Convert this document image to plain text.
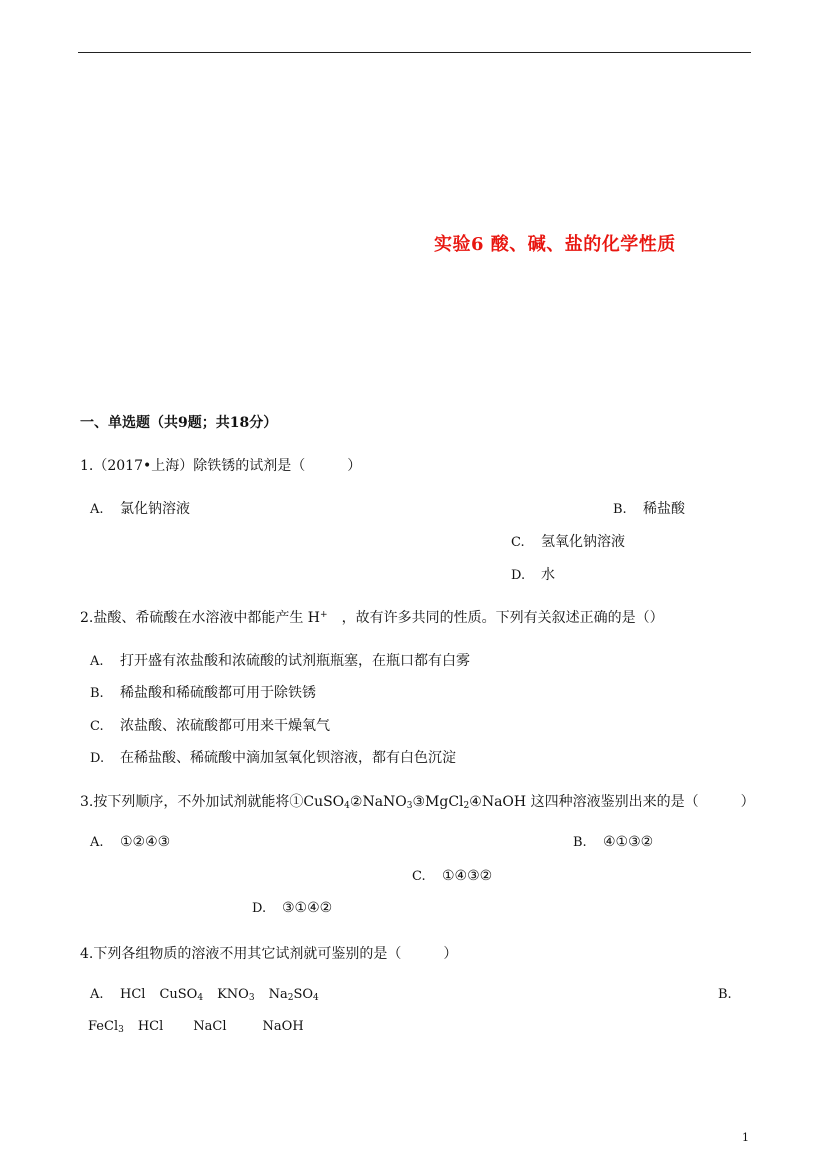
实验6 酸、碱、盐的化学性质
一、单选题（共9题；共18分）
1.（2017•上海）除铁锈的试剂是（　　　）
A. 氯化钠溶液	B. 稀盐酸
C. 氢氧化钠溶液
D. 水
2.盐酸、希硫酸在水溶液中都能产生 H+　，故有许多共同的性质。下列有关叙述正确的是（）
A. 打开盛有浓盐酸和浓硫酸的试剂瓶瓶塞，在瓶口都有白雾
B. 稀盐酸和稀硫酸都可用于除铁锈
C. 浓盐酸、浓硫酸都可用来干燥氧气
D. 在稀盐酸、稀硫酸中滴加氢氧化钡溶液，都有白色沉淀
3.按下列顺序，不外加试剂就能将①CuSO$_4$②NaNO$_3$③MgCl$_2$④NaOH 这四种溶液鉴别出来的是（　　　）
A. ①②④③	B. ④①③②
C. ①④③②
D. ③①④②
4.下列各组物质的溶液不用其它试剂就可鉴别的是（　　　）
A. HCl CuSO$_4$ $KNO_3$ $Na_2SO_4$	B.
FeCl$_3$ HCl NaCl	NaOH
1
